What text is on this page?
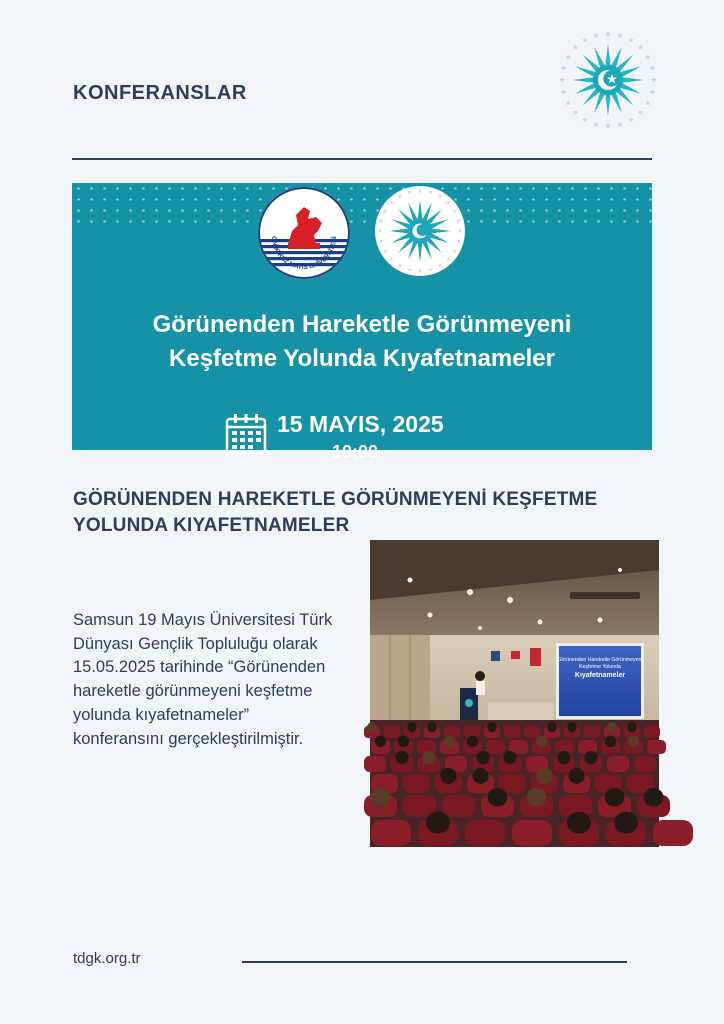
KONFERANSLAR
ONDOKUZ MAYIS ÜNİVERSİTESİ
Görünenden Hareketle Görünmeyeni
Keşfetme Yolunda Kıyafetnameler
15 MAYIS, 2025
10:00
GÖRÜNENDEN HAREKETLE GÖRÜNMEYENİ KEŞFETME YOLUNDA KIYAFETNAMELER

Samsun 19 Mayıs Üniversitesi Türk Dünyası Gençlik Topluluğu olarak 15.05.2025 tarihinde “Görünenden hareketle görünmeyeni keşfetme yolunda kıyafetnameler” konferansını gerçekleştirilmiştir.

Görünenden Hareketle Görünmeyeni
Keşfetme Yolunda
Kıyafetnameler

tdgk.org.tr
